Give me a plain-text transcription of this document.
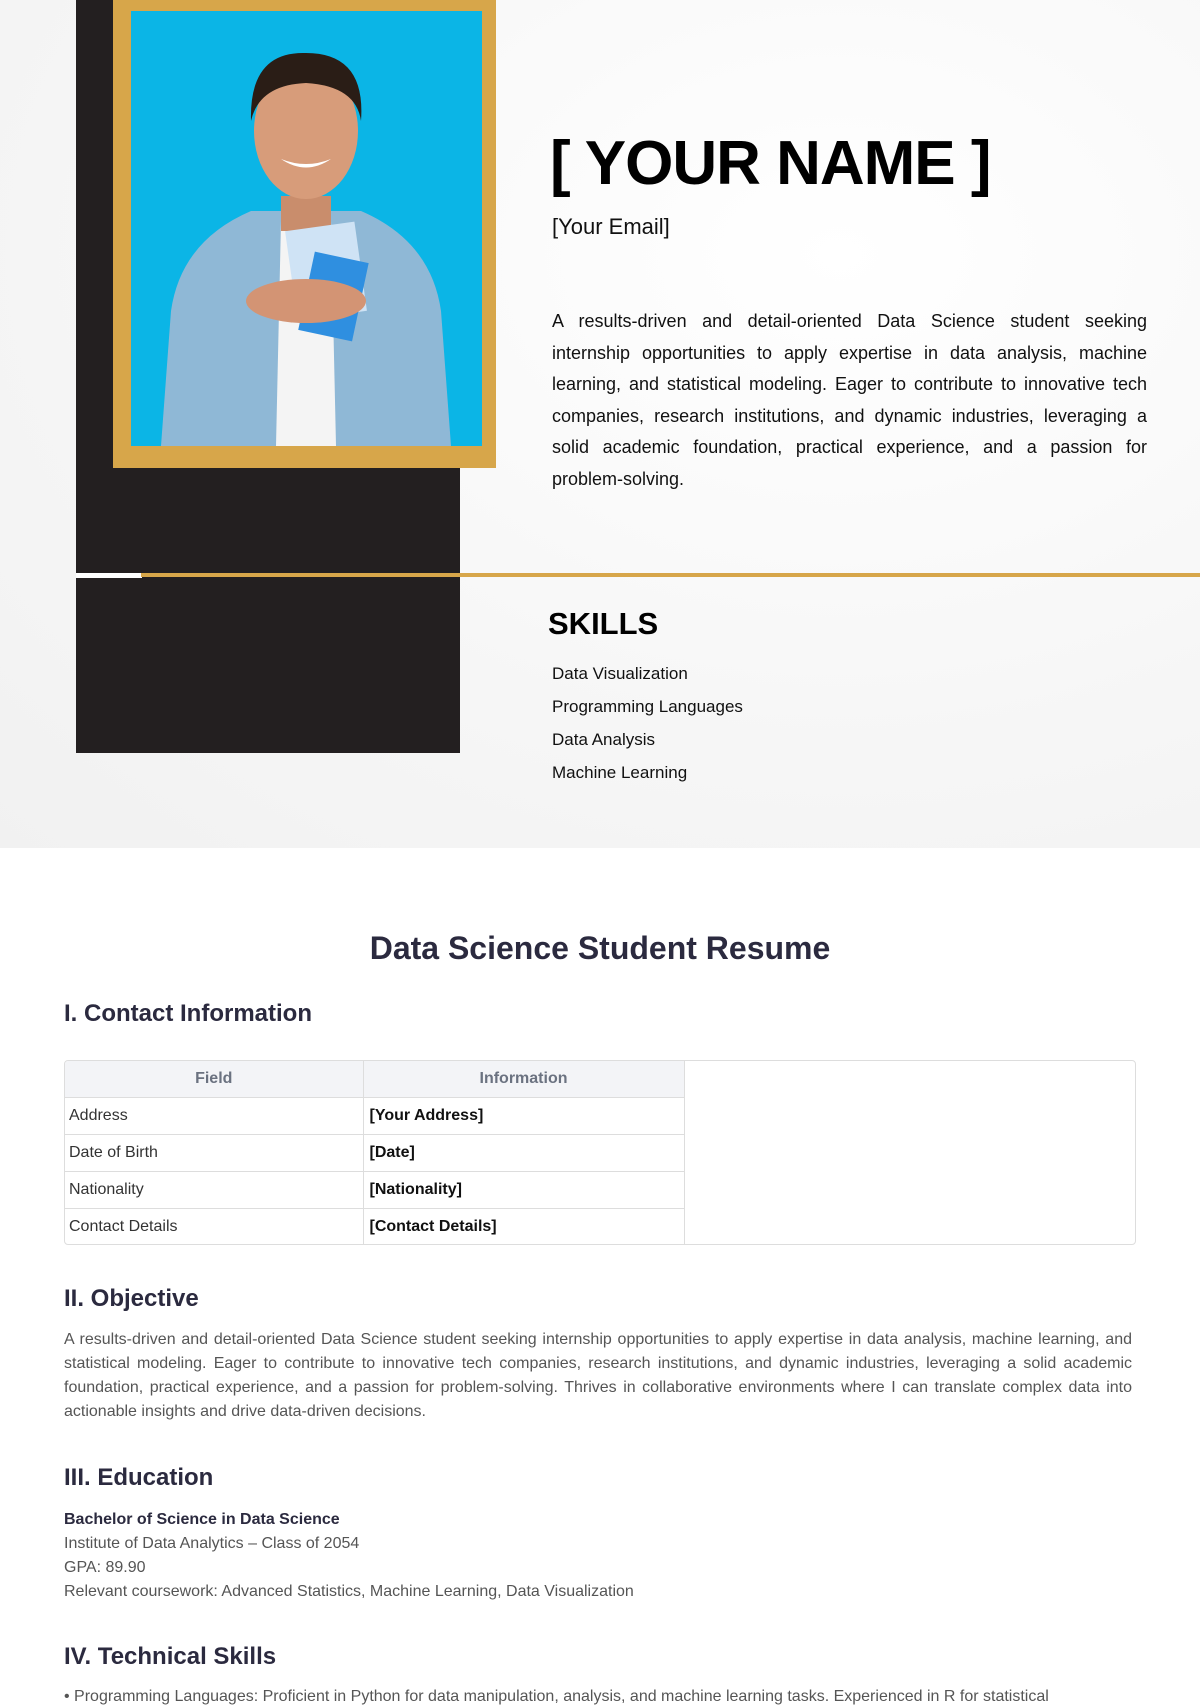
[ YOUR NAME ]
[Your Email]

A results-driven and detail-oriented Data Science student seeking internship opportunities to apply expertise in data analysis, machine learning, and statistical modeling. Eager to contribute to innovative tech companies, research institutions, and dynamic industries, leveraging a solid academic foundation, practical experience, and a passion for problem-solving.

SKILLS
Data Visualization
Programming Languages
Data Analysis
Machine Learning
Data Science Student Resume
I. Contact Information
Field	Information
Address	[Your Address]
Date of Birth	[Date]
Nationality	[Nationality]
Contact Details	[Contact Details]
II. Objective

A results-driven and detail-oriented Data Science student seeking internship opportunities to apply expertise in data analysis, machine learning, and statistical modeling. Eager to contribute to innovative tech companies, research institutions, and dynamic industries, leveraging a solid academic foundation, practical experience, and a passion for problem-solving. Thrives in collaborative environments where I can translate complex data into actionable insights and drive data-driven decisions.

III. Education
Bachelor of Science in Data Science
Institute of Data Analytics – Class of 2054
GPA: 89.90
Relevant coursework: Advanced Statistics, Machine Learning, Data Visualization
IV. Technical Skills
• Programming Languages: Proficient in Python for data manipulation, analysis, and machine learning tasks. Experienced in R for statistical
